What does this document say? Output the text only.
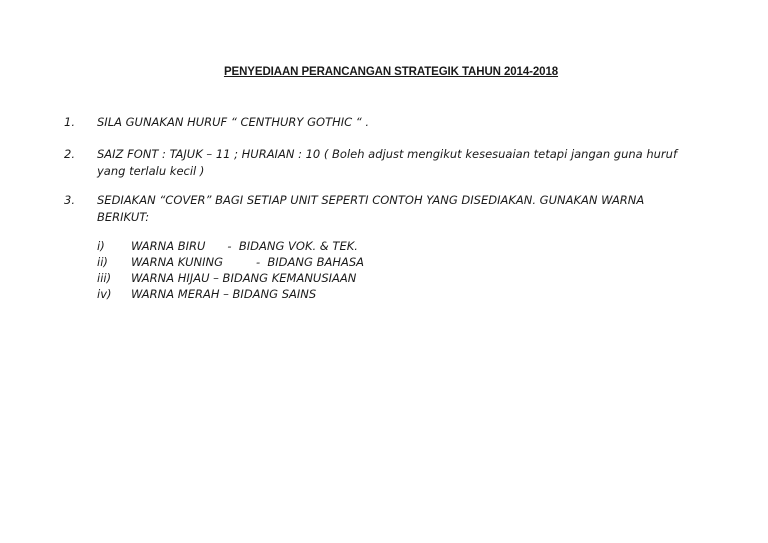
PENYEDIAAN PERANCANGAN STRATEGIK TAHUN 2014-2018
1. SILA GUNAKAN HURUF “ CENTHURY GOTHIC “ .
2. SAIZ FONT : TAJUK – 11 ; HURAIAN : 10 ( Boleh adjust mengikut kesesuaian tetapi jangan guna huruf
yang terlalu kecil )
3. SEDIAKAN “COVER” BAGI SETIAP UNIT SEPERTI CONTOH YANG DISEDIAKAN. GUNAKAN WARNA
BERIKUT:
i) WARNA BIRU      -  BIDANG VOK. & TEK.
ii) WARNA KUNING         -  BIDANG BAHASA
iii) WARNA HIJAU – BIDANG KEMANUSIAAN
iv) WARNA MERAH – BIDANG SAINS
